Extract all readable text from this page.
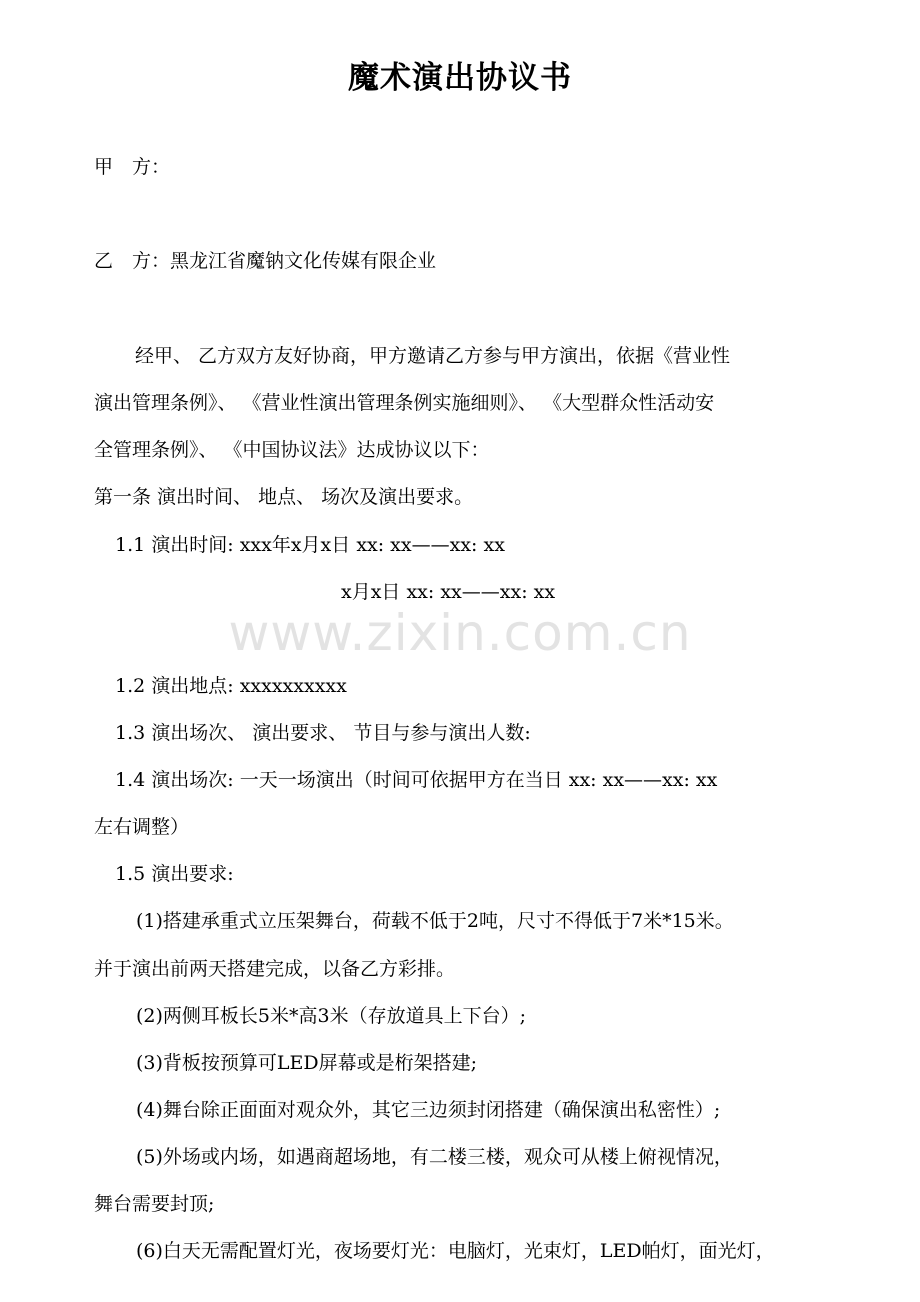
魔术演出协议书
甲　方：
乙　方：黑龙江省魔钠文化传媒有限企业
经甲、 乙方双方友好协商，甲方邀请乙方参与甲方演出，依据《营业性
演出管理条例》、 《营业性演出管理条例实施细则》、 《大型群众性活动安
全管理条例》、 《中国协议法》达成协议以下：
第一条 演出时间、 地点、 场次及演出要求。
1.1 演出时间: xxx年x月x日 xx: xx——xx: xx
x月x日 xx: xx——xx: xx
www.zixin.com.cn
1.2 演出地点: xxxxxxxxxx
1.3 演出场次、 演出要求、 节目与参与演出人数:
1.4 演出场次: 一天一场演出（时间可依据甲方在当日 xx: xx——xx: xx
左右调整）
1.5 演出要求:
(1)搭建承重式立压架舞台，荷载不低于2吨，尺寸不得低于7米*15米。
并于演出前两天搭建完成，以备乙方彩排。
(2)两侧耳板长5米*高3米（存放道具上下台）;
(3)背板按预算可LED屏幕或是桁架搭建;
(4)舞台除正面面对观众外，其它三边须封闭搭建（确保演出私密性）;
(5)外场或内场，如遇商超场地，有二楼三楼，观众可从楼上俯视情况，
舞台需要封顶;
(6)白天无需配置灯光，夜场要灯光：电脑灯，光束灯，LED帕灯，面光灯，
